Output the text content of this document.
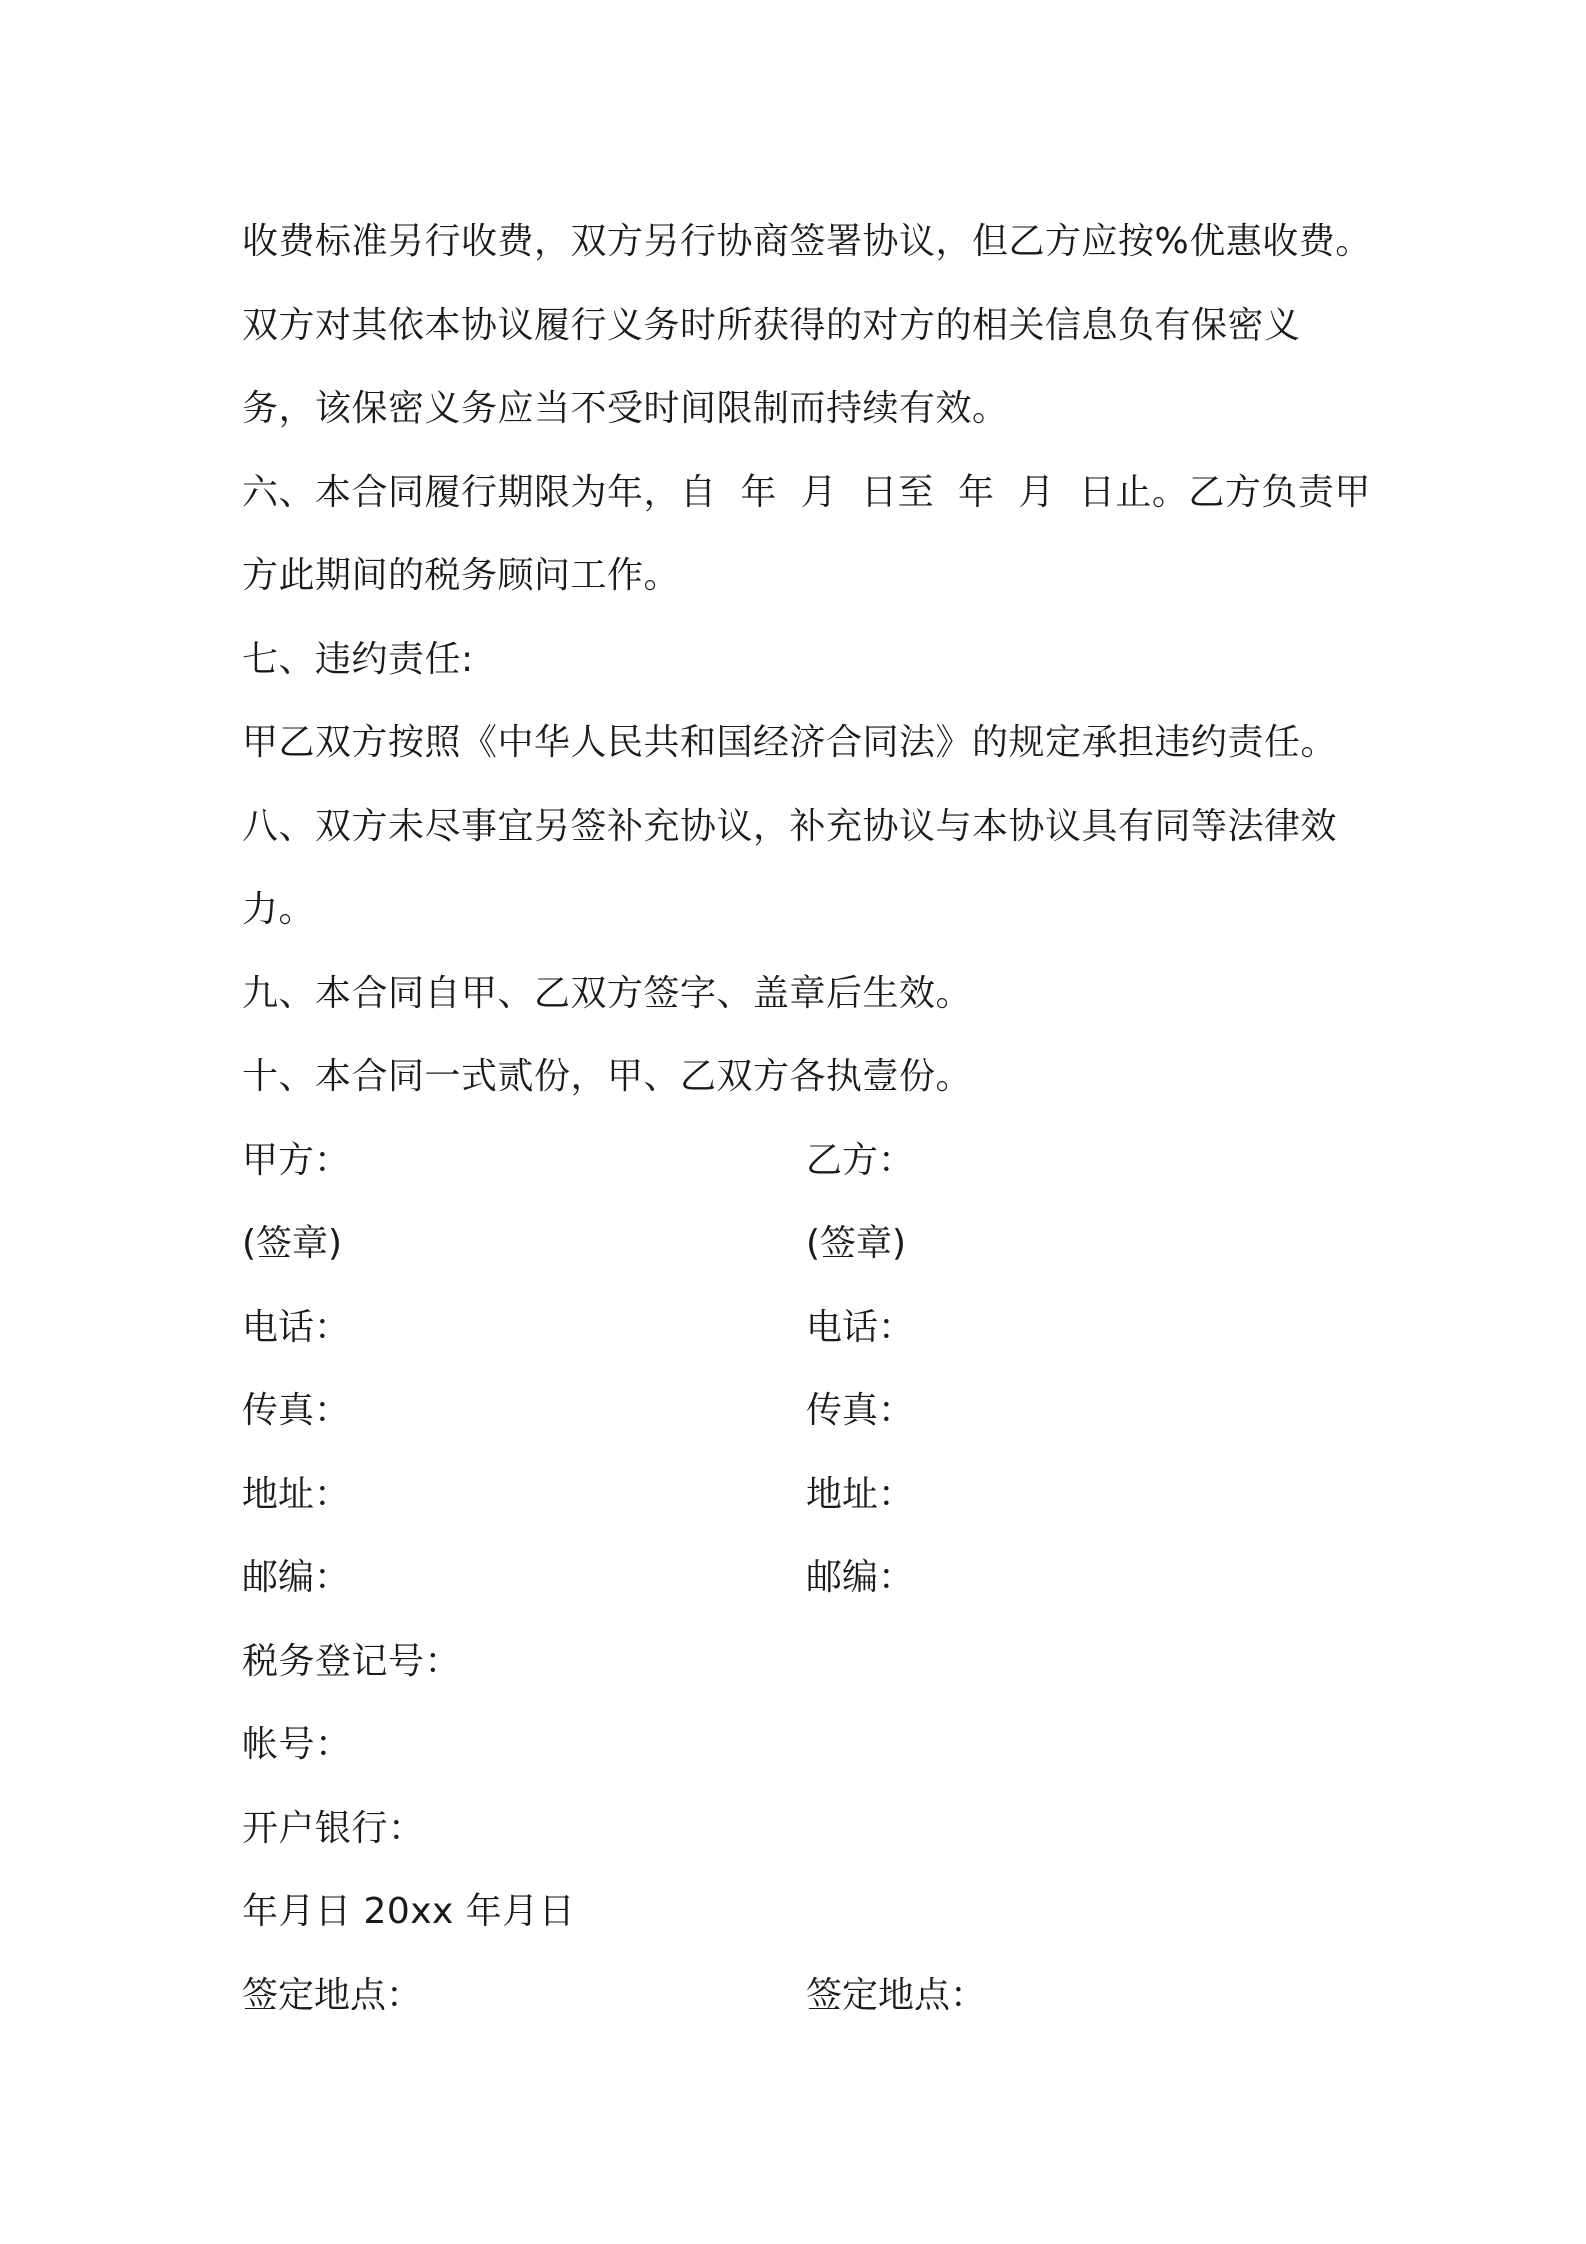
收费标准另行收费，双方另行协商签署协议，但乙方应按%优惠收费。
双方对其依本协议履行义务时所获得的对方的相关信息负有保密义
务，该保密义务应当不受时间限制而持续有效。
六、本合同履行期限为年，自  年  月  日至  年  月  日止。乙方负责甲
方此期间的税务顾问工作。
七、违约责任:
甲乙双方按照《中华人民共和国经济合同法》的规定承担违约责任。
八、双方未尽事宜另签补充协议，补充协议与本协议具有同等法律效
力。
九、本合同自甲、乙双方签字、盖章后生效。
十、本合同一式贰份，甲、乙双方各执壹份。
甲方：	乙方：
(签章)	(签章)
电话：	电话：
传真：	传真：
地址：	地址：
邮编：	邮编：
税务登记号：
帐号：
开户银行：
年月日 20xx 年月日
签定地点：	签定地点：
